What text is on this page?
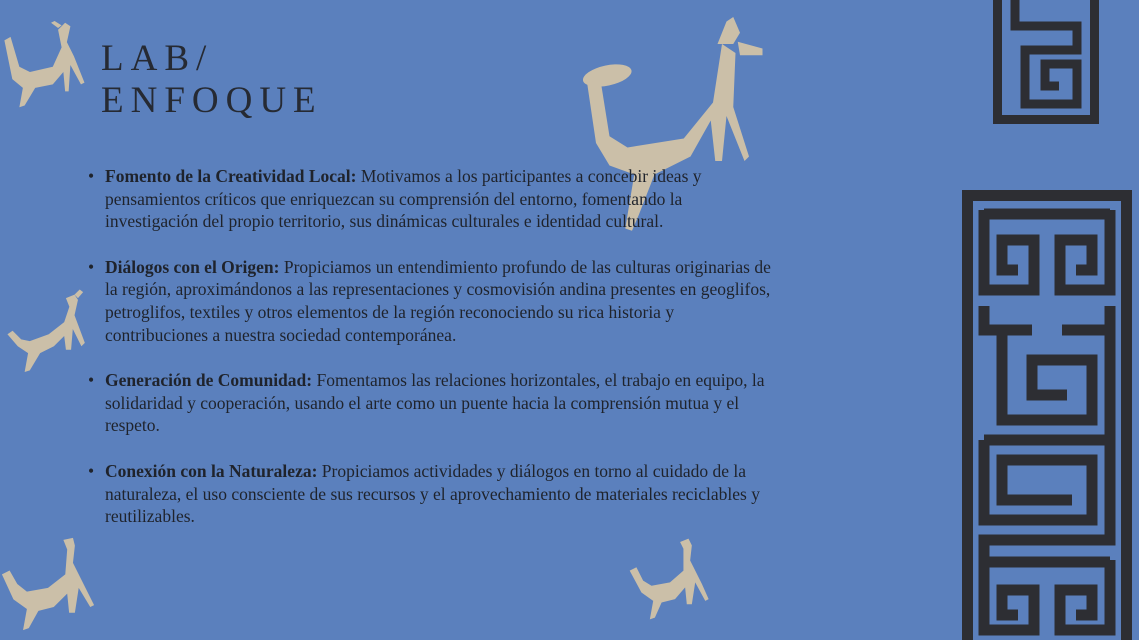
LAB/
ENFOQUE
• Fomento de la Creatividad Local: Motivamos a los participantes a concebir ideas y pensamientos críticos que enriquezcan su comprensión del entorno, fomentando la investigación del propio territorio, sus dinámicas culturales e identidad cultural.
• Diálogos con el Origen: Propiciamos un entendimiento profundo de las culturas originarias de la región, aproximándonos a las representaciones y cosmovisión andina presentes en geoglifos, petroglifos, textiles y otros elementos de la región reconociendo su rica historia y contribuciones a nuestra sociedad contemporánea.
• Generación de Comunidad: Fomentamos las relaciones horizontales, el trabajo en equipo, la solidaridad y cooperación, usando el arte como un puente hacia la comprensión mutua y el respeto.
• Conexión con la Naturaleza: Propiciamos actividades y diálogos en torno al cuidado de la naturaleza, el uso consciente de sus recursos y el aprovechamiento de materiales reciclables y reutilizables.
